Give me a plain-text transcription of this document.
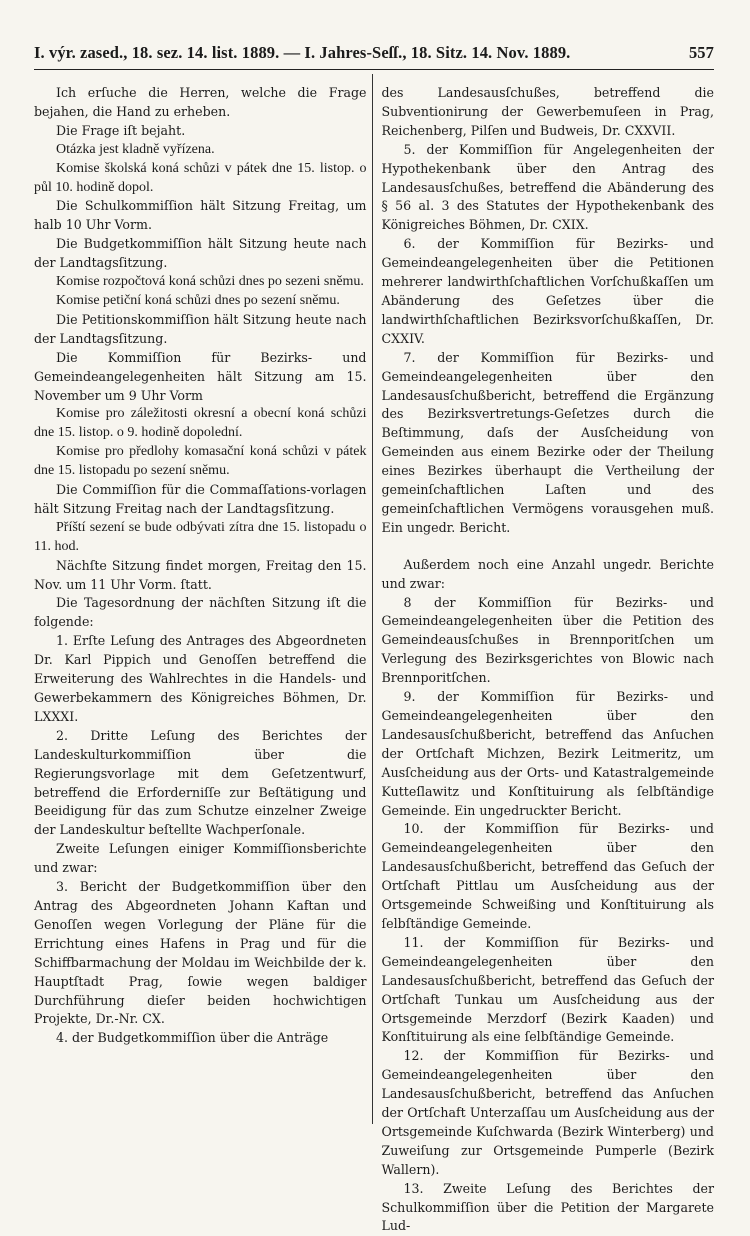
I. výr. zased., 18. sez. 14. list. 1889. — I. Jahres-Seſſ., 18. Sitz. 14. Nov. 1889.	557

Ich erſuche die Herren, welche die Frage bejahen, die Hand zu erheben.

Die Frage iſt bejaht.

Otázka jest kladně vyřízena.

Komise školská koná schůzi v pátek dne 15. listop. o půl 10. hodině dopol.

Die Schulkommiſſion hält Sitzung Freitag, um halb 10 Uhr Vorm.

Die Budgetkommiſſion hält Sitzung heute nach der Landtagsſitzung.

Komise rozpočtová koná schůzi dnes po sezeni sněmu.

Komise petiční koná schůzi dnes po sezení sněmu.

Die Petitionskommiſſion hält Sitzung heute nach der Landtagsſitzung.

Die Kommiſſion für Bezirks- und Gemeindeangelegenheiten hält Sitzung am 15. November um 9 Uhr Vorm

Komise pro záležitosti okresní a obecní koná schůzi dne 15. listop. o 9. hodině dopolední.

Komise pro předlohy komasační koná schůzi v pátek dne 15. listopadu po sezení sněmu.

Die Commiſſion für die Commaſſations-vorlagen hält Sitzung Freitag nach der Landtagsſitzung.

Příští sezení se bude odbývati zítra dne 15. listopadu o 11. hod.

Nächſte Sitzung findet morgen, Freitag den 15. Nov. um 11 Uhr Vorm. ſtatt.

Die Tagesordnung der nächſten Sitzung iſt die folgende:

1. Erſte Leſung des Antrages des Abgeordneten Dr. Karl Pippich und Genoſſen betreffend die Erweiterung des Wahlrechtes in die Handels- und Gewerbekammern des Königreiches Böhmen, Dr. LXXXI.

2. Dritte Leſung des Berichtes der Landeskulturkommiſſion über die Regierungsvorlage mit dem Geſetzentwurf, betreffend die Erforderniſſe zur Beſtätigung und Beeidigung für das zum Schutze einzelner Zweige der Landeskultur beſtellte Wachperſonale.

Zweite Leſungen einiger Kommiſſionsberichte und zwar:

3. Bericht der Budgetkommiſſion über den Antrag des Abgeordneten Johann Kaftan und Genoſſen wegen Vorlegung der Pläne für die Errichtung eines Hafens in Prag und für die Schiffbarmachung der Moldau im Weichbilde der k. Hauptſtadt Prag, ſowie wegen baldiger Durchführung dieſer beiden hochwichtigen Projekte, Dr.-Nr. CX.

4. der Budgetkommiſſion über die Anträge

des Landesausſchußes, betreffend die Subventionirung der Gewerbemuſeen in Prag, Reichenberg, Pilſen und Budweis, Dr. CXXVII.

5. der Kommiſſion für Angelegenheiten der Hypothekenbank über den Antrag des Landesausſchußes, betreffend die Abänderung des § 56 al. 3 des Statutes der Hypothekenbank des Königreiches Böhmen, Dr. CXIX.

6. der Kommiſſion für Bezirks- und Gemeindeangelegenheiten über die Petitionen mehrerer landwirthſchaftlichen Vorſchußkaſſen um Abänderung des Geſetzes über die landwirthſchaftlichen Bezirksvorſchußkaſſen, Dr. CXXIV.

7. der Kommiſſion für Bezirks- und Gemeindeangelegenheiten über den Landesausſchußbericht, betreffend die Ergänzung des Bezirksvertretungs-Geſetzes durch die Beſtimmung, daſs der Ausſcheidung von Gemeinden aus einem Bezirke oder der Theilung eines Bezirkes überhaupt die Vertheilung der gemeinſchaftlichen Laſten und des gemeinſchaftlichen Vermögens vorausgehen muß. Ein ungedr. Bericht.

Außerdem noch eine Anzahl ungedr. Berichte und zwar:

8 der Kommiſſion für Bezirks- und Gemeindeangelegenheiten über die Petition des Gemeindeausſchußes in Brennporitſchen um Verlegung des Bezirksgerichtes von Blowic nach Brennporitſchen.

9. der Kommiſſion für Bezirks- und Gemeindeangelegenheiten über den Landesausſchußbericht, betreffend das Anſuchen der Ortſchaft Michzen, Bezirk Leitmeritz, um Ausſcheidung aus der Orts- und Katastralgemeinde Kutteſlawitz und Konſtituirung als ſelbſtändige Gemeinde. Ein ungedruckter Bericht.

10. der Kommiſſion für Bezirks- und Gemeindeangelegenheiten über den Landesausſchußbericht, betreffend das Geſuch der Ortſchaft Pittlau um Ausſcheidung aus der Ortsgemeinde Schweißing und Konſtituirung als ſelbſtändige Gemeinde.

11. der Kommiſſion für Bezirks- und Gemeindeangelegenheiten über den Landesausſchußbericht, betreffend das Geſuch der Ortſchaft Tunkau um Ausſcheidung aus der Ortsgemeinde Merzdorf (Bezirk Kaaden) und Konſtituirung als eine ſelbſtändige Gemeinde.

12. der Kommiſſion für Bezirks- und Gemeindeangelegenheiten über den Landesausſchußbericht, betreffend das Anſuchen der Ortſchaft Unterzaſſau um Ausſcheidung aus der Ortsgemeinde Kuſchwarda (Bezirk Winterberg) und Zuweiſung zur Ortsgemeinde Pumperle (Bezirk Wallern).

13. Zweite Leſung des Berichtes der Schulkommiſſion über die Petition der Margarete Lud-
